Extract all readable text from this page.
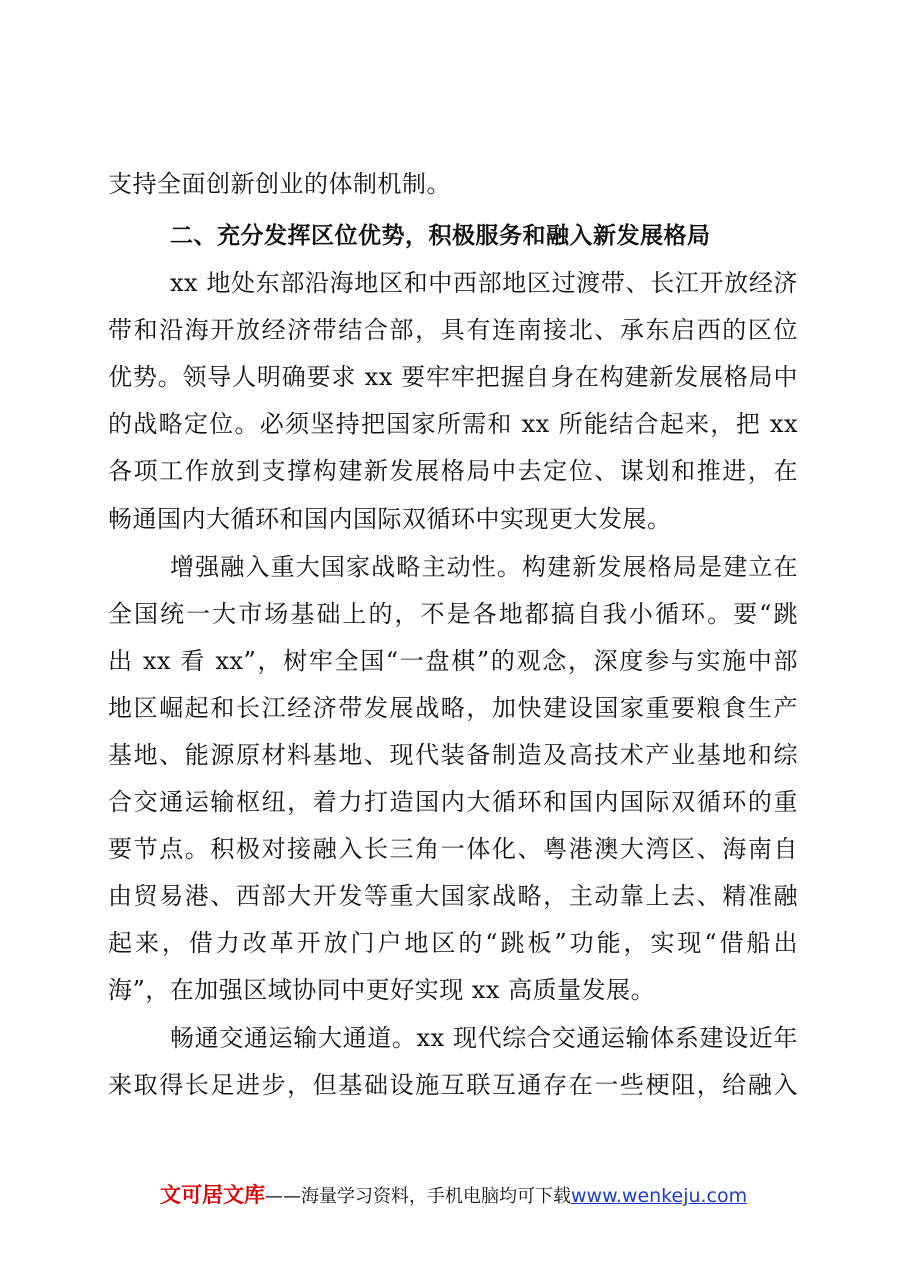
支持全面创新创业的体制机制。
二、充分发挥区位优势，积极服务和融入新发展格局
xx 地处东部沿海地区和中西部地区过渡带、长江开放经济
带和沿海开放经济带结合部，具有连南接北、承东启西的区位
优势。领导人明确要求 xx 要牢牢把握自身在构建新发展格局中
的战略定位。必须坚持把国家所需和 xx 所能结合起来，把 xx
各项工作放到支撑构建新发展格局中去定位、谋划和推进，在
畅通国内大循环和国内国际双循环中实现更大发展。
增强融入重大国家战略主动性。构建新发展格局是建立在
全国统一大市场基础上的，不是各地都搞自我小循环。要“跳
出 xx 看 xx”，树牢全国“一盘棋”的观念，深度参与实施中部
地区崛起和长江经济带发展战略，加快建设国家重要粮食生产
基地、能源原材料基地、现代装备制造及高技术产业基地和综
合交通运输枢纽，着力打造国内大循环和国内国际双循环的重
要节点。积极对接融入长三角一体化、粤港澳大湾区、海南自
由贸易港、西部大开发等重大国家战略，主动靠上去、精准融
起来，借力改革开放门户地区的“跳板”功能，实现“借船出
海”，在加强区域协同中更好实现 xx 高质量发展。
畅通交通运输大通道。xx 现代综合交通运输体系建设近年
来取得长足进步，但基础设施互联互通存在一些梗阻，给融入
文可居文库——海量学习资料，手机电脑均可下载www.wenkeju.com
